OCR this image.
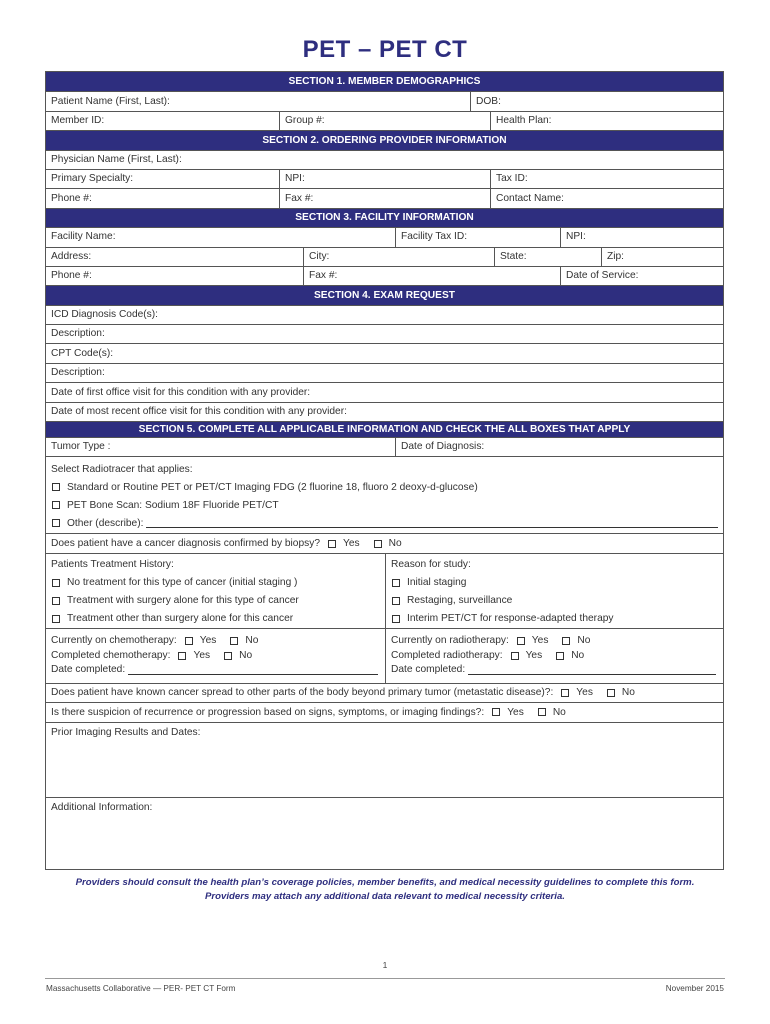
PET – PET CT
SECTION 1. MEMBER DEMOGRAPHICS
Patient Name (First, Last):	DOB:
Member ID:	Group #:	Health Plan:
SECTION 2. ORDERING PROVIDER INFORMATION
Physician Name (First, Last):
Primary Specialty:	NPI:	Tax ID:
Phone #:	Fax #:	Contact Name:
SECTION 3. FACILITY INFORMATION
Facility Name:	Facility Tax ID:	NPI:
Address:	City:	State:	Zip:
Phone #:	Fax #:	Date of Service:
SECTION 4. EXAM REQUEST
ICD Diagnosis Code(s):
Description:
CPT Code(s):
Description:
Date of first office visit for this condition with any provider:
Date of most recent office visit for this condition with any provider:
SECTION 5. COMPLETE ALL APPLICABLE INFORMATION AND CHECK THE ALL BOXES THAT APPLY
Tumor Type :	Date of Diagnosis:
Select Radiotracer that applies:
Standard or Routine PET or PET/CT Imaging FDG (2 fluorine 18, fluoro 2 deoxy-d-glucose)
PET Bone Scan: Sodium 18F Fluoride PET/CT
Other (describe):
Does patient have a cancer diagnosis confirmed by biopsy? Yes	No
Patients Treatment History:
No treatment for this type of cancer (initial staging )
Treatment with surgery alone for this type of cancer
Treatment other than surgery alone for this cancer
Reason for study:
Initial staging
Restaging, surveillance
Interim PET/CT for response-adapted therapy
Currently on chemotherapy: Yes	No
Completed chemotherapy: Yes	No
Date completed:
Currently on radiotherapy: Yes	No
Completed radiotherapy: Yes	No
Date completed:
Does patient have known cancer spread to other parts of the body beyond primary tumor (metastatic disease)?: Yes	No
Is there suspicion of recurrence or progression based on signs, symptoms, or imaging findings?: Yes	No
Prior Imaging Results and Dates:
Additional Information:
Providers should consult the health plan’s coverage policies, member benefits, and medical necessity guidelines to complete this form.
Providers may attach any additional data relevant to medical necessity criteria.
1
Massachusetts Collaborative — PER- PET CT Form	November 2015
